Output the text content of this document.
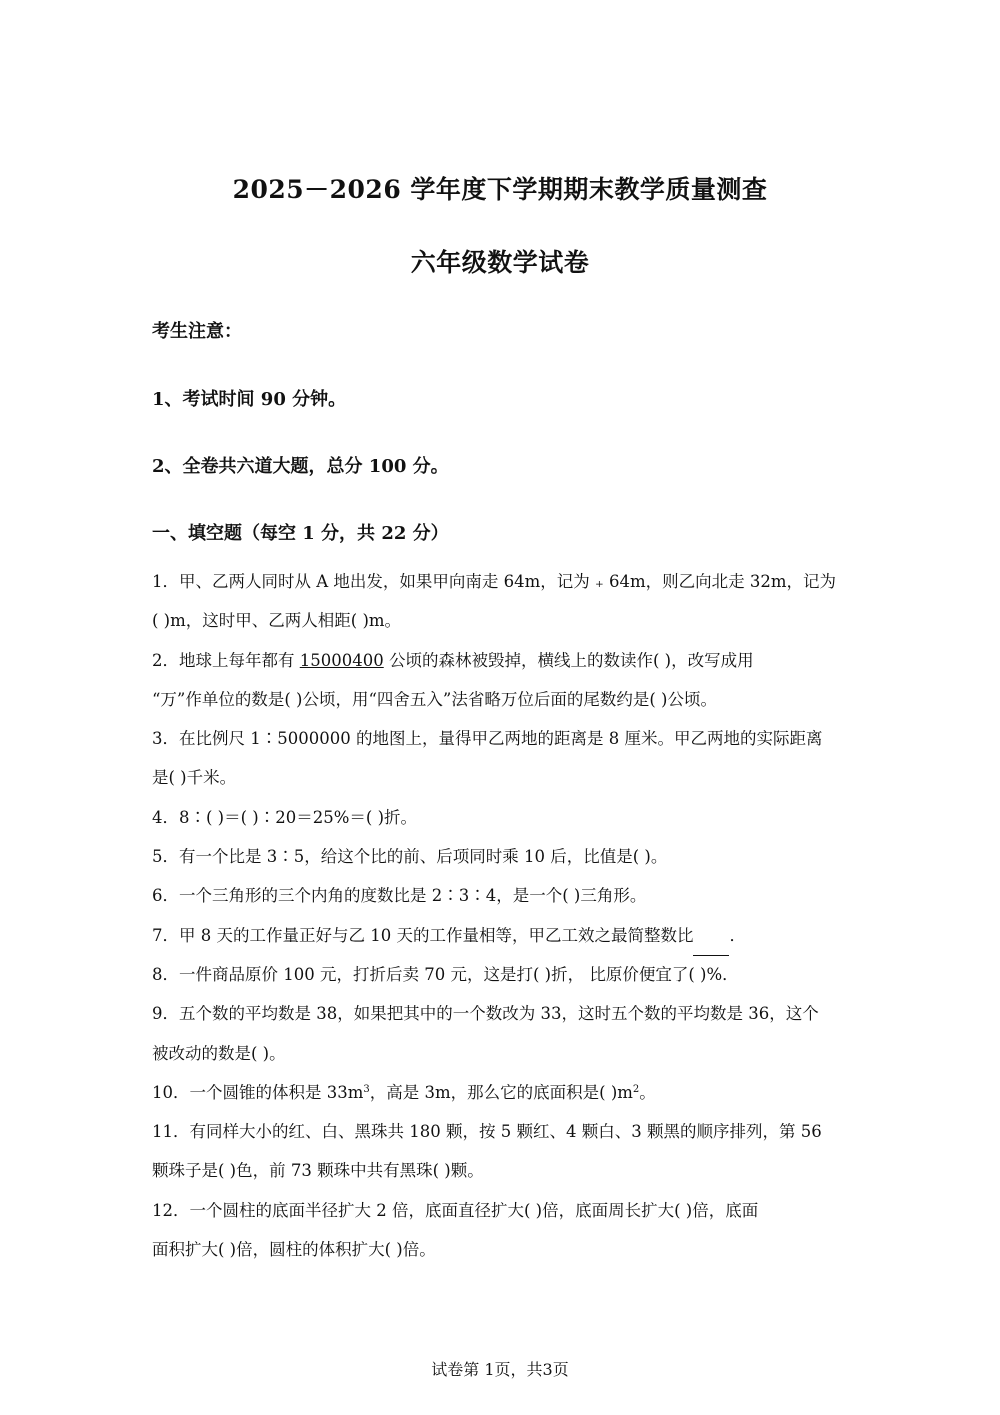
2025－2026 学年度下学期期末教学质量测查
六年级数学试卷
考生注意：
1、考试时间 90 分钟。
2、全卷共六道大题，总分 100 分。
一、填空题（每空 1 分，共 22 分）
1．甲、乙两人同时从 A 地出发，如果甲向南走 64m，记为 ₊ 64m，则乙向北走 32m，记为
( )m，这时甲、乙两人相距( )m。
2．地球上每年都有 15000400 公顷的森林被毁掉，横线上的数读作( )，改写成用
“万”作单位的数是( )公顷，用“四舍五入”法省略万位后面的尾数约是( )公顷。
3．在比例尺 1∶5000000 的地图上，量得甲乙两地的距离是 8 厘米。甲乙两地的实际距离
是( )千米。
4．8∶( )＝( )∶20＝25%＝( )折。
5．有一个比是 3∶5，给这个比的前、后项同时乘 10 后，比值是( )。
6．一个三角形的三个内角的度数比是 2∶3∶4，是一个( )三角形。
7．甲 8 天的工作量正好与乙 10 天的工作量相等，甲乙工效之最简整数比　　 ．
8．一件商品原价 100 元，打折后卖 70 元，这是打( )折， 比原价便宜了( )%．
9．五个数的平均数是 38，如果把其中的一个数改为 33，这时五个数的平均数是 36，这个
被改动的数是( )。
10．一个圆锥的体积是 $33m^3$，高是 3m，那么它的底面积是( )$m^2$。
11．有同样大小的红、白、黑珠共 180 颗，按 5 颗红、4 颗白、3 颗黑的顺序排列，第 56
颗珠子是( )色，前 73 颗珠中共有黑珠( )颗。
12．一个圆柱的底面半径扩大 2 倍，底面直径扩大( )倍，底面周长扩大( )倍，底面
面积扩大( )倍，圆柱的体积扩大( )倍。
试卷第 1页，共3页
